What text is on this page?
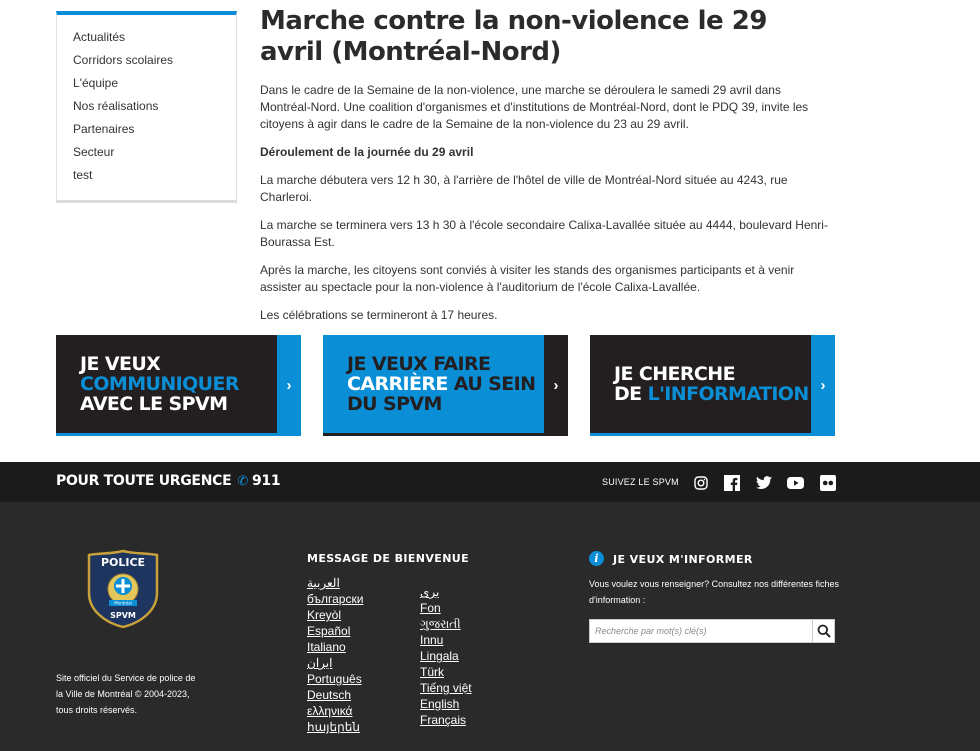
Actualités
Corridors scolaires
L'équipe
Nos réalisations
Partenaires
Secteur
test
Marche contre la non-violence le 29 avril (Montréal-Nord)

Dans le cadre de la Semaine de la non-violence, une marche se déroulera le samedi 29 avril dans Montréal-Nord. Une coalition d'organismes et d'institutions de Montréal-Nord, dont le PDQ 39, invite les citoyens à agir dans le cadre de la Semaine de la non-violence du 23 au 29 avril.

Déroulement de la journée du 29 avril

La marche débutera vers 12 h 30, à l'arrière de l'hôtel de ville de Montréal-Nord située au 4243, rue Charleroi.

La marche se terminera vers 13 h 30 à l'école secondaire Calixa-Lavallée située au 4444, boulevard Henri-Bourassa Est.

Après la marche, les citoyens sont conviés à visiter les stands des organismes participants et à venir assister au spectacle pour la non-violence à l'auditorium de l'école Calixa-Lavallée.

Les célébrations se termineront à 17 heures.

JE VEUX
COMMUNIQUER
AVEC LE SPVM
›
JE VEUX FAIRE
CARRIÈRE AU SEIN
DU SPVM
›
JE CHERCHE
DE L'INFORMATION ›
POUR TOUTE URGENCE ✆ 911	SUIVEZ LE SPVM
POLICE
Montréal
SPVM
Site officiel du Service de police de la Ville de Montréal © 2004-2023, tous droits réservés.
MESSAGE DE BIENVENUE
العربية
български
Kreyòl
Español
Italiano
ایران
Português
Deutsch
ελληνικά
հայերեն
یری
Fon
ગુજરાતી
Innu
Lingala
Türk
Tiếng việt
English
Français
i	JE VEUX M'INFORMER
Vous voulez vous renseigner? Consultez nos différentes fiches d'information :
Recherche par mot(s) clé(s)
